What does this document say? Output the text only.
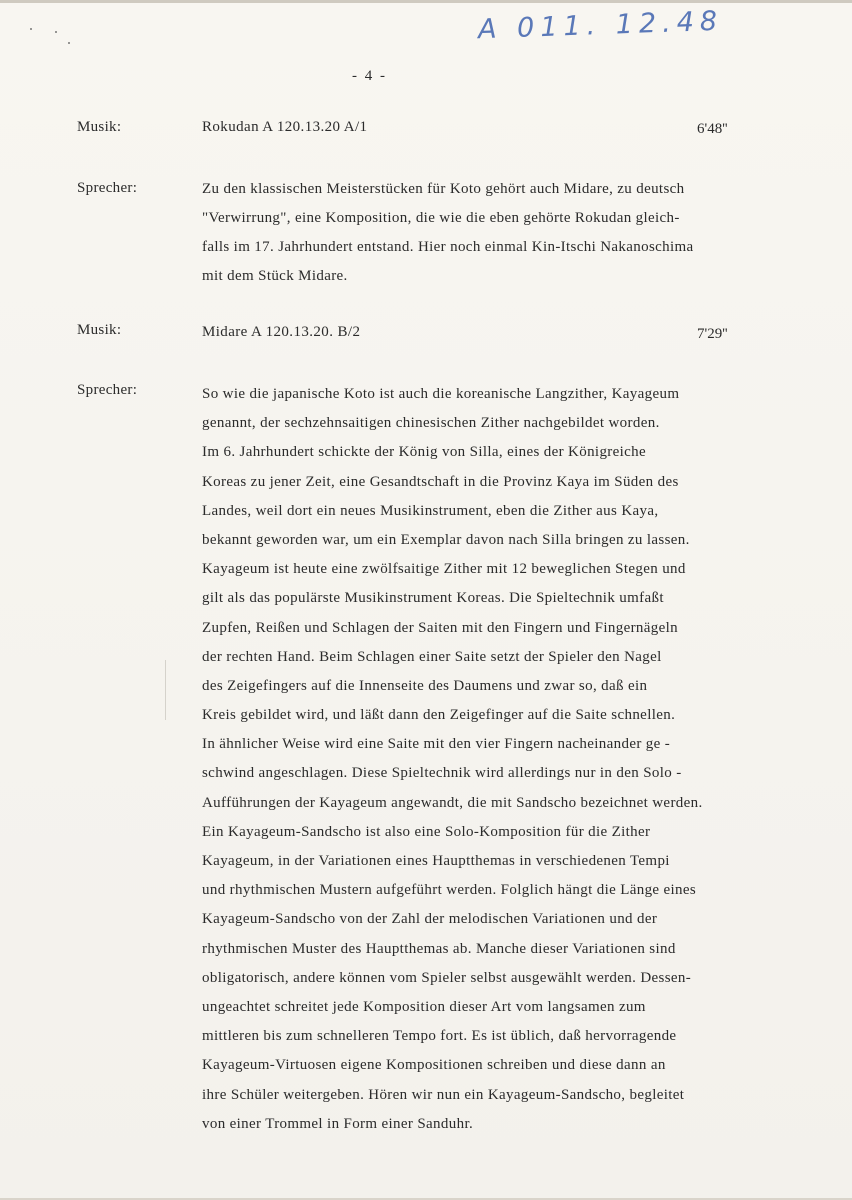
A 011. 12.48
- 4 -
Musik:	Rokudan A 120.13.20 A/1	6'48''
Sprecher:	Zu den klassischen Meisterstücken für Koto gehört auch Midare, zu deutsch
"Verwirrung", eine Komposition, die wie die eben gehörte Rokudan gleich-
falls im 17. Jahrhundert entstand. Hier noch einmal Kin-Itschi Nakanoschima
mit dem Stück Midare.
Musik:	Midare A 120.13.20. B/2	7'29''
Sprecher:	So wie die japanische Koto ist auch die koreanische Langzither, Kayageum
genannt, der sechzehnsaitigen chinesischen Zither nachgebildet worden.
Im 6. Jahrhundert schickte der König von Silla, eines der Königreiche
Koreas zu jener Zeit, eine Gesandtschaft in die Provinz Kaya im Süden des
Landes, weil dort ein neues Musikinstrument, eben die Zither aus Kaya,
bekannt geworden war, um ein Exemplar davon nach Silla bringen zu lassen.
Kayageum ist heute eine zwölfsaitige Zither mit 12 beweglichen Stegen und
gilt als das populärste Musikinstrument Koreas. Die Spieltechnik umfaßt
Zupfen, Reißen und Schlagen der Saiten mit den Fingern und Fingernägeln
der rechten Hand. Beim Schlagen einer Saite setzt der Spieler den Nagel
des Zeigefingers auf die Innenseite des Daumens und zwar so, daß ein
Kreis gebildet wird, und läßt dann den Zeigefinger auf die Saite schnellen.
In ähnlicher Weise wird eine Saite mit den vier Fingern nacheinander ge -
schwind angeschlagen. Diese Spieltechnik wird allerdings nur in den Solo -
Aufführungen der Kayageum angewandt, die mit Sandscho bezeichnet werden.
Ein Kayageum-Sandscho ist also eine Solo-Komposition für die Zither
Kayageum, in der Variationen eines Hauptthemas in verschiedenen Tempi
und rhythmischen Mustern aufgeführt werden. Folglich hängt die Länge eines
Kayageum-Sandscho von der Zahl der melodischen Variationen und der
rhythmischen Muster des Hauptthemas ab. Manche dieser Variationen sind
obligatorisch, andere können vom Spieler selbst ausgewählt werden. Dessen-
ungeachtet schreitet jede Komposition dieser Art vom langsamen zum
mittleren bis zum schnelleren Tempo fort. Es ist üblich, daß hervorragende
Kayageum-Virtuosen eigene Kompositionen schreiben und diese dann an
ihre Schüler weitergeben. Hören wir nun ein Kayageum-Sandscho, begleitet
von einer Trommel in Form einer Sanduhr.
